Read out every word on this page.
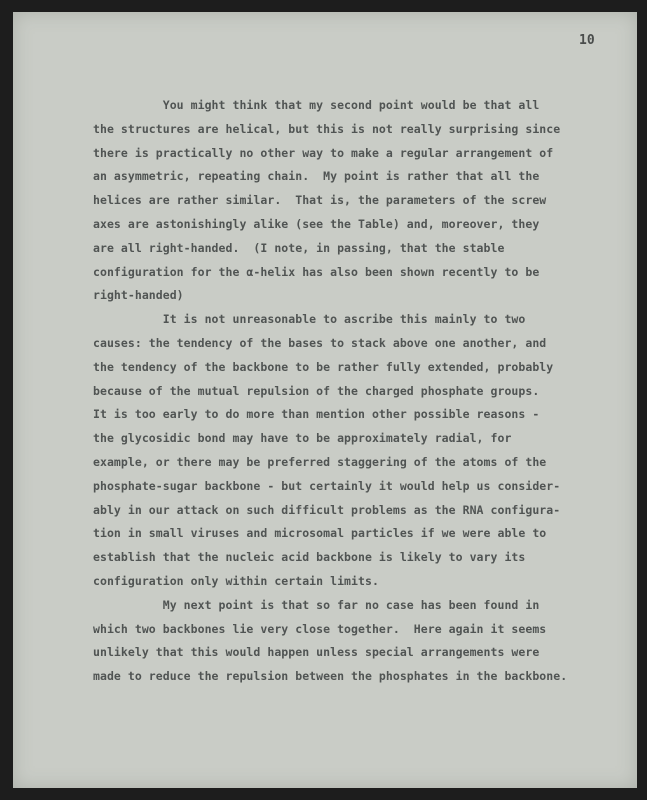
10
You might think that my second point would be that all
the structures are helical, but this is not really surprising since
there is practically no other way to make a regular arrangement of
an asymmetric, repeating chain.  My point is rather that all the
helices are rather similar.  That is, the parameters of the screw
axes are astonishingly alike (see the Table) and, moreover, they
are all right-handed.  (I note, in passing, that the stable
configuration for the α-helix has also been shown recently to be
right-handed)
It is not unreasonable to ascribe this mainly to two
causes: the tendency of the bases to stack above one another, and
the tendency of the backbone to be rather fully extended, probably
because of the mutual repulsion of the charged phosphate groups.
It is too early to do more than mention other possible reasons -
the glycosidic bond may have to be approximately radial, for
example, or there may be preferred staggering of the atoms of the
phosphate-sugar backbone - but certainly it would help us consider-
ably in our attack on such difficult problems as the RNA configura-
tion in small viruses and microsomal particles if we were able to
establish that the nucleic acid backbone is likely to vary its
configuration only within certain limits.
My next point is that so far no case has been found in
which two backbones lie very close together.  Here again it seems
unlikely that this would happen unless special arrangements were
made to reduce the repulsion between the phosphates in the backbone.
